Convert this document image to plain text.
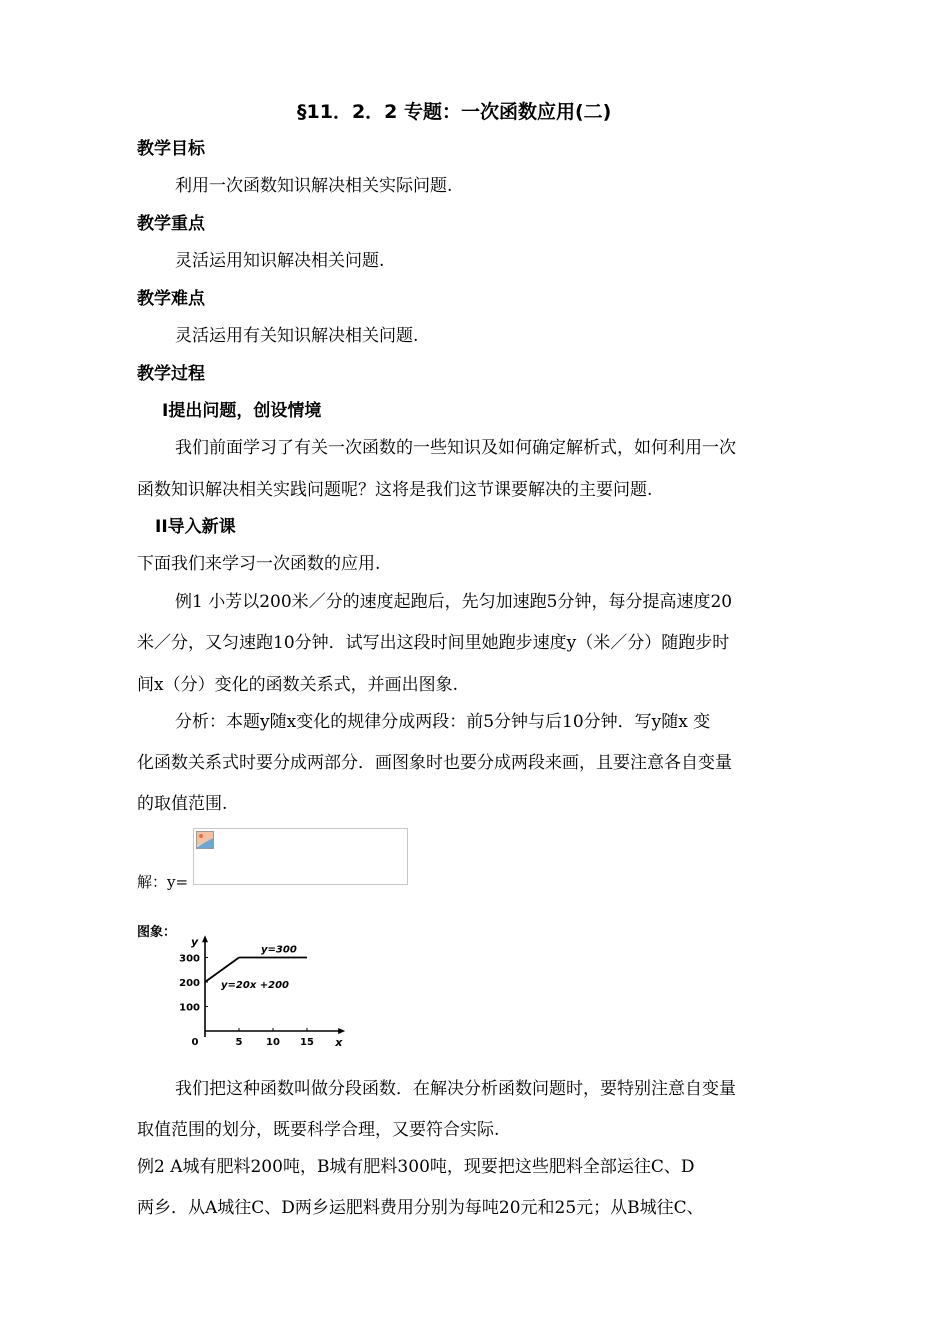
§11．2．2 专题：一次函数应用(二)
教学目标
利用一次函数知识解决相关实际问题.
教学重点
灵活运用知识解决相关问题.
教学难点
灵活运用有关知识解决相关问题.
教学过程
I提出问题，创设情境
我们前面学习了有关一次函数的一些知识及如何确定解析式，如何利用一次
函数知识解决相关实践问题呢？这将是我们这节课要解决的主要问题.
II导入新课
下面我们来学习一次函数的应用.
例1 小芳以200米／分的速度起跑后，先匀加速跑5分钟，每分提高速度20
米／分，又匀速跑10分钟．试写出这段时间里她跑步速度y（米／分）随跑步时
间x（分）变化的函数关系式，并画出图象.
分析：本题y随x变化的规律分成两段：前5分钟与后10分钟．写y随x 变
化函数关系式时要分成两部分．画图象时也要分成两段来画，且要注意各自变量
的取值范围.
解：y=
图象：
0	5 10 15
100
200
300
x
y
y=300
y=20x +200
我们把这种函数叫做分段函数．在解决分析函数问题时，要特别注意自变量
取值范围的划分，既要科学合理，又要符合实际.
例2 A城有肥料200吨，B城有肥料300吨，现要把这些肥料全部运往C、D
两乡．从A城往C、D两乡运肥料费用分别为每吨20元和25元；从B城往C、
